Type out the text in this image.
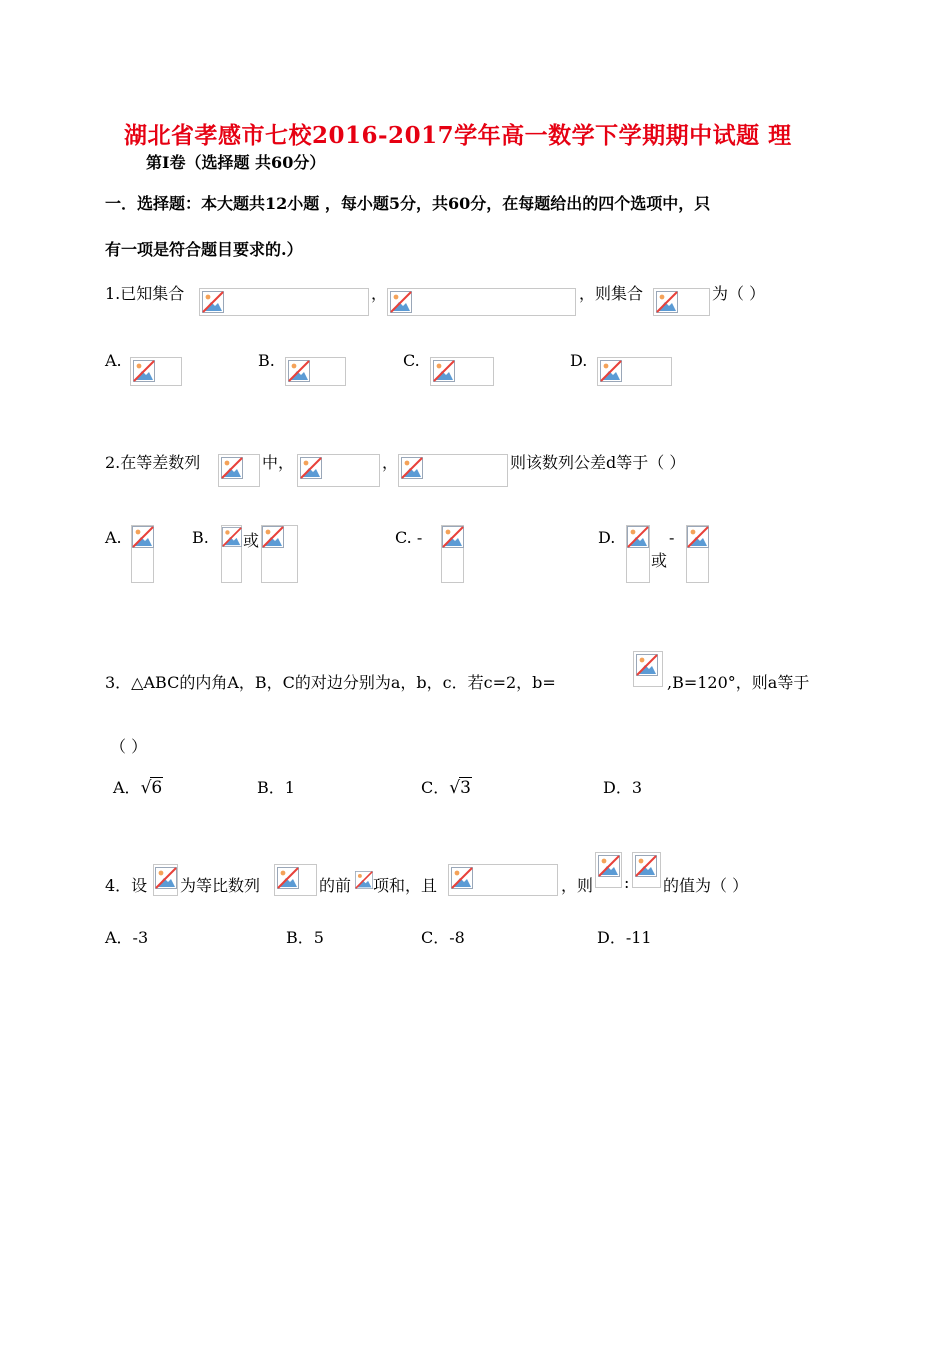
湖北省孝感市七校2016-2017学年高一数学下学期期中试题 理
第Ⅰ卷（选择题 共60分）
一．选择题：本大题共12小题 ，每小题5分，共60分，在每题给出的四个选项中，只
有一项是符合题目要求的.）
1.已知集合	，	，则集合	为（ ）
A.	B.	C.	D.
2.在等差数列	中，	，	则该数列公差d等于（ ）
A.	B. 或	C. -	D.
或
-
3．△ABC的内角A，B，C的对边分别为a，b，c．若c=2，b=	,B=120°，则a等于
（ ）
A．√6	B．1	C．√3	D．3
4．设 为等比数列	的前 项和，且	，则 : 的值为（ ）
A．-3	B．5	C．-8	D．-11
